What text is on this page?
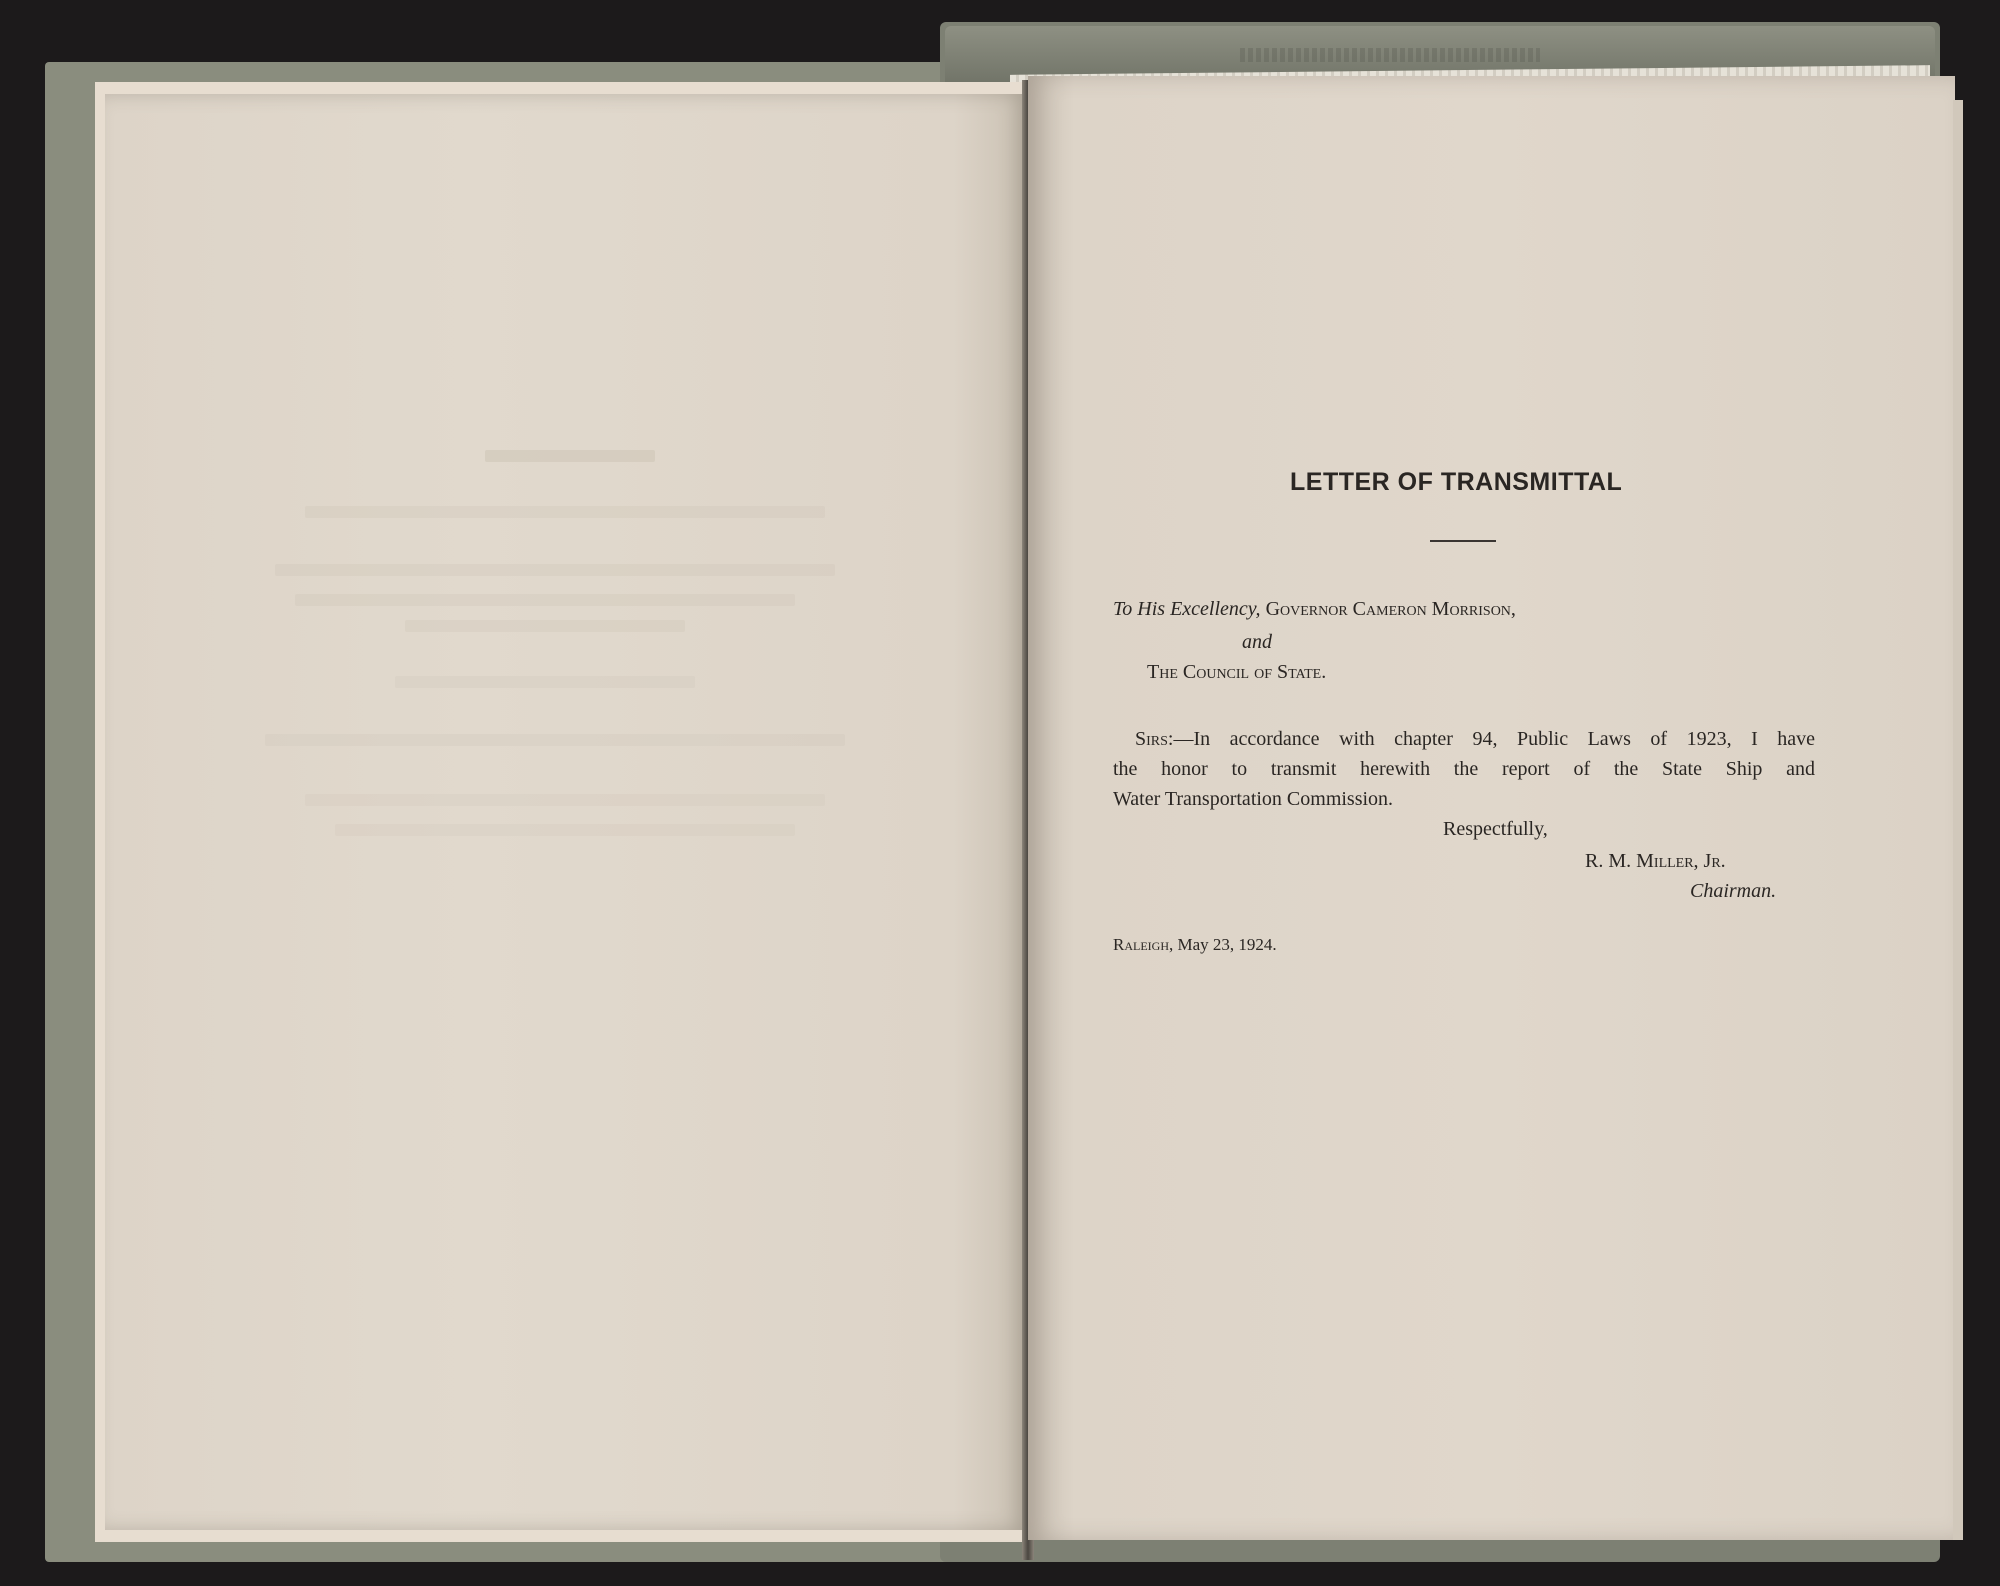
LETTER OF TRANSMITTAL
To His Excellency, Governor Cameron Morrison,
and
The Council of State.
Sirs:—In accordance with chapter 94, Public Laws of 1923, I have
the honor to transmit herewith the report of the State Ship and
Water Transportation Commission.
Respectfully,
R. M. Miller, Jr.
Chairman.
Raleigh, May 23, 1924.
